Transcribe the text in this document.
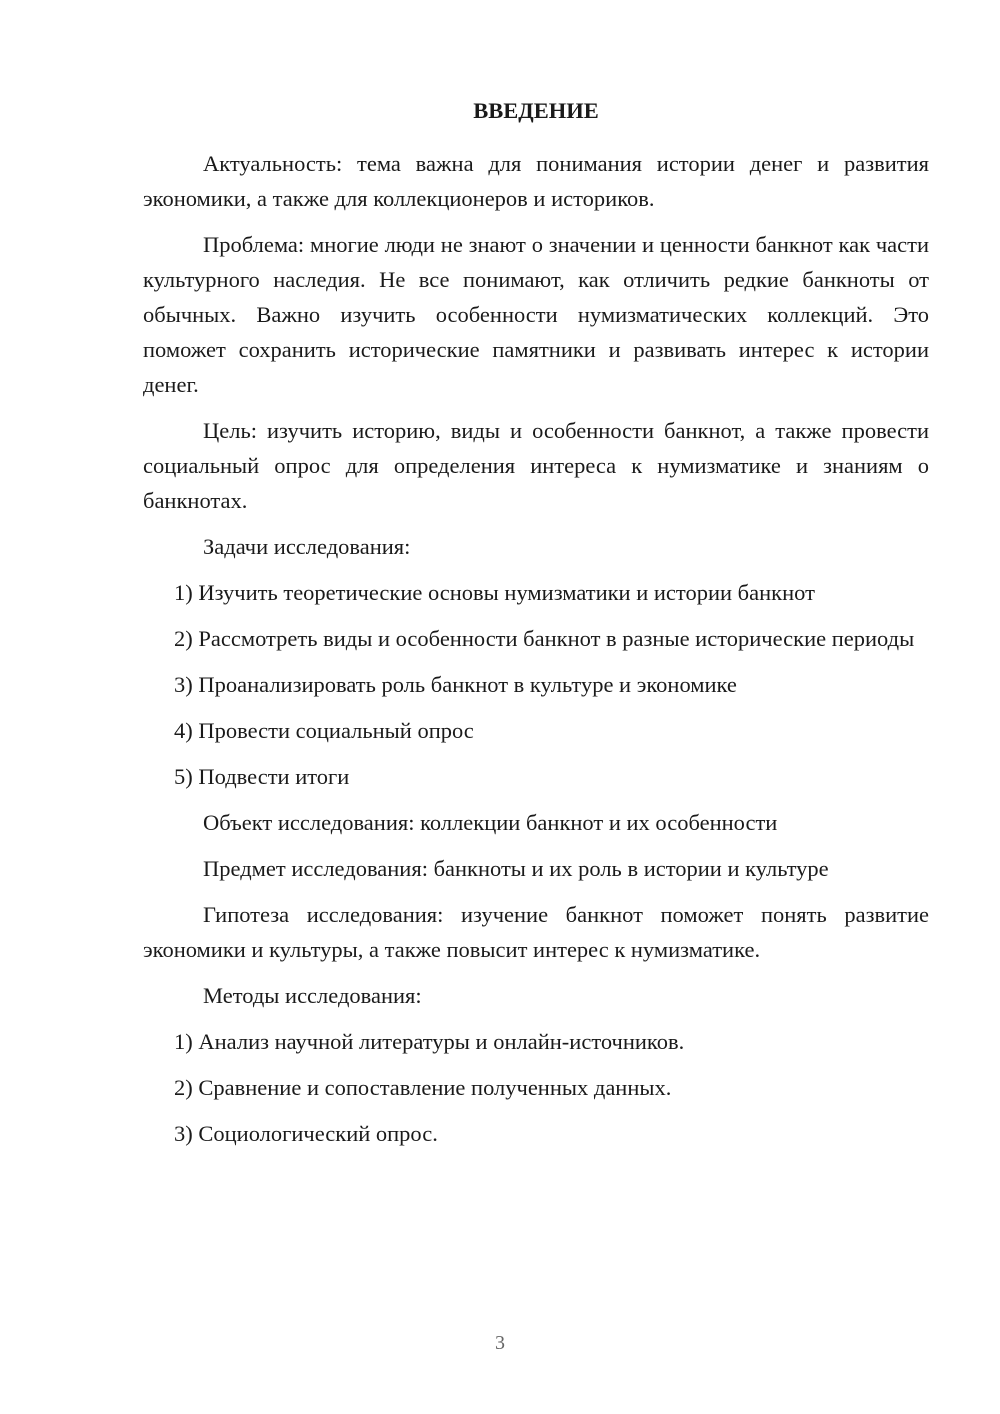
ВВЕДЕНИЕ

Актуальность: тема важна для понимания истории денег и развития экономики, а также для коллекционеров и историков.

Проблема: многие люди не знают о значении и ценности банкнот как части культурного наследия. Не все понимают, как отличить редкие банкноты от обычных. Важно изучить особенности нумизматических коллекций. Это поможет сохранить исторические памятники и развивать интерес к истории денег.

Цель: изучить историю, виды и особенности банкнот, а также провести социальный опрос для определения интереса к нумизматике и знаниям о банкнотах.

Задачи исследования:

1) Изучить теоретические основы нумизматики и истории банкнот

2) Рассмотреть виды и особенности банкнот в разные исторические периоды

3) Проанализировать роль банкнот в культуре и экономике

4) Провести социальный опрос

5) Подвести итоги

Объект исследования: коллекции банкнот и их особенности

Предмет исследования: банкноты и их роль в истории и культуре

Гипотеза исследования: изучение банкнот поможет понять развитие экономики и культуры, а также повысит интерес к нумизматике.

Методы исследования:

1) Анализ научной литературы и онлайн-источников.

2) Сравнение и сопоставление полученных данных.

3) Социологический опрос.

3
